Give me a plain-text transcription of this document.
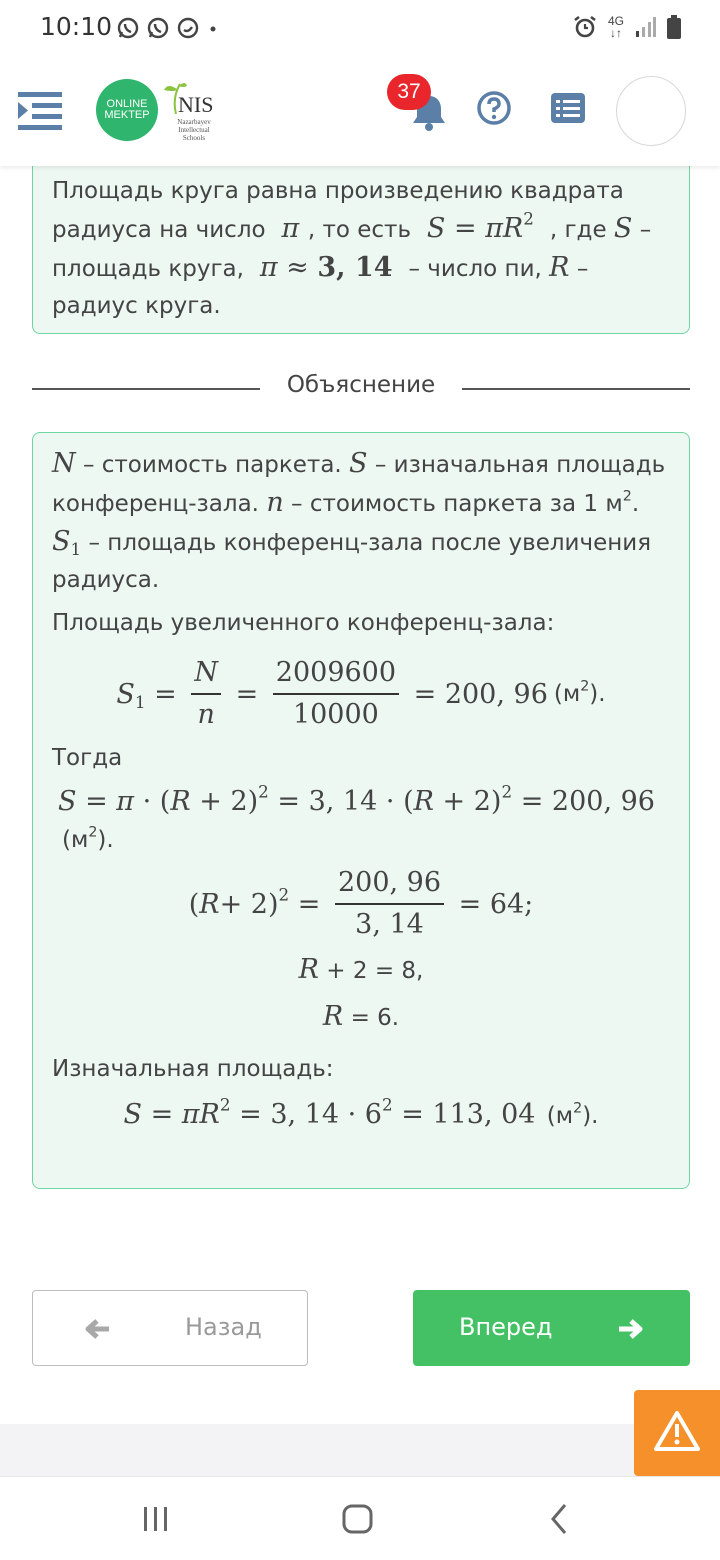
10:10	4G
↓↑
Площадь круга равна произведению квадрата радиуса на число  π , то есть  $S = \pi R^2$ , где S – площадь круга,  π ≈ 3, 14 – число пи, R – радиус круга.
Объяснение
N – стоимость паркета. S – изначальная площадь конференц-зала. n – стоимость паркета за 1 $м^2$. $S_1$ – площадь конференц-зала после увеличения радиуса.
Площадь увеличенного конференц-зала:
$S_1 = \frac{N}{n} = \frac{2009600}{10000} = 200$, 96 $(м^2)$.
Тогда
$S = \pi \cdot (R + 2)^2 = 3$, $14 \cdot (R + 2)^2 = 200$, 96
$(м^2)$.
( $R + 2)^2 = \frac{200, 96}{3, 14} = 64$;
R + 2 = 8,
R = 6.
Изначальная площадь:
$S = \pi R^2 = 3$, $14 \cdot 6^2 = 113$, 04 $(м^2)$.
Назад	Вперед
ONLINE
MEKTEP NIS
Nazarbayev Intellectual Schools
37
